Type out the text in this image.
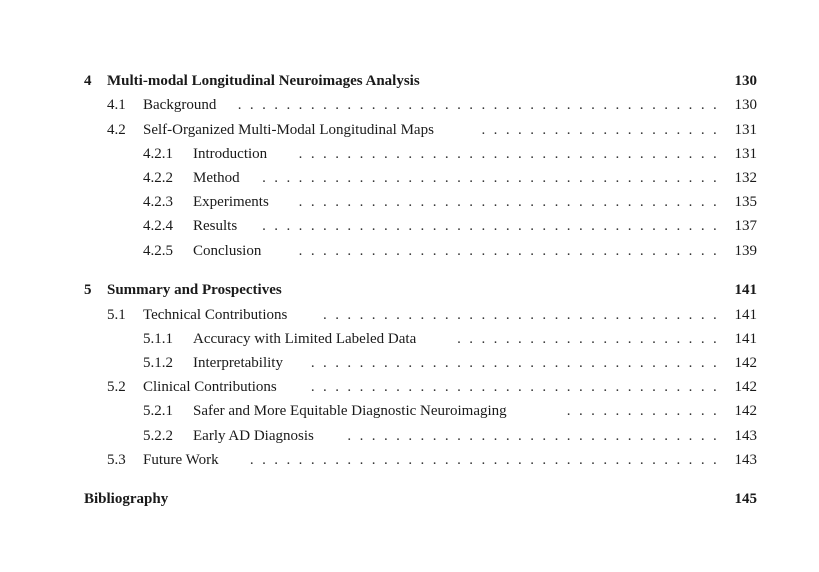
4 Multi-modal Longitudinal Neuroimages Analysis	130
4.1 Background	. . . . . . . . . . . . . . . . . . . . . . . . . . . . . . . . . . . . . . . . 130
4.2 Self-Organized Multi-Modal Longitudinal Maps	. . . . . . . . . . . . . . . . . . . . 131
4.2.1 Introduction	. . . . . . . . . . . . . . . . . . . . . . . . . . . . . . . . . . . 131
4.2.2 Method	. . . . . . . . . . . . . . . . . . . . . . . . . . . . . . . . . . . . . . 132
4.2.3 Experiments	. . . . . . . . . . . . . . . . . . . . . . . . . . . . . . . . . . . 135
4.2.4 Results	. . . . . . . . . . . . . . . . . . . . . . . . . . . . . . . . . . . . . . 137
4.2.5 Conclusion	. . . . . . . . . . . . . . . . . . . . . . . . . . . . . . . . . . . 139
5 Summary and Prospectives	141
5.1 Technical Contributions	. . . . . . . . . . . . . . . . . . . . . . . . . . . . . . . . . 141
5.1.1 Accuracy with Limited Labeled Data	. . . . . . . . . . . . . . . . . . . . . . 141
5.1.2 Interpretability	. . . . . . . . . . . . . . . . . . . . . . . . . . . . . . . . . . 142
5.2 Clinical Contributions	. . . . . . . . . . . . . . . . . . . . . . . . . . . . . . . . . . 142
5.2.1 Safer and More Equitable Diagnostic Neuroimaging	. . . . . . . . . . . . . 142
5.2.2 Early AD Diagnosis	. . . . . . . . . . . . . . . . . . . . . . . . . . . . . . . 143
5.3 Future Work	. . . . . . . . . . . . . . . . . . . . . . . . . . . . . . . . . . . . . . . 143
Bibliography	145
